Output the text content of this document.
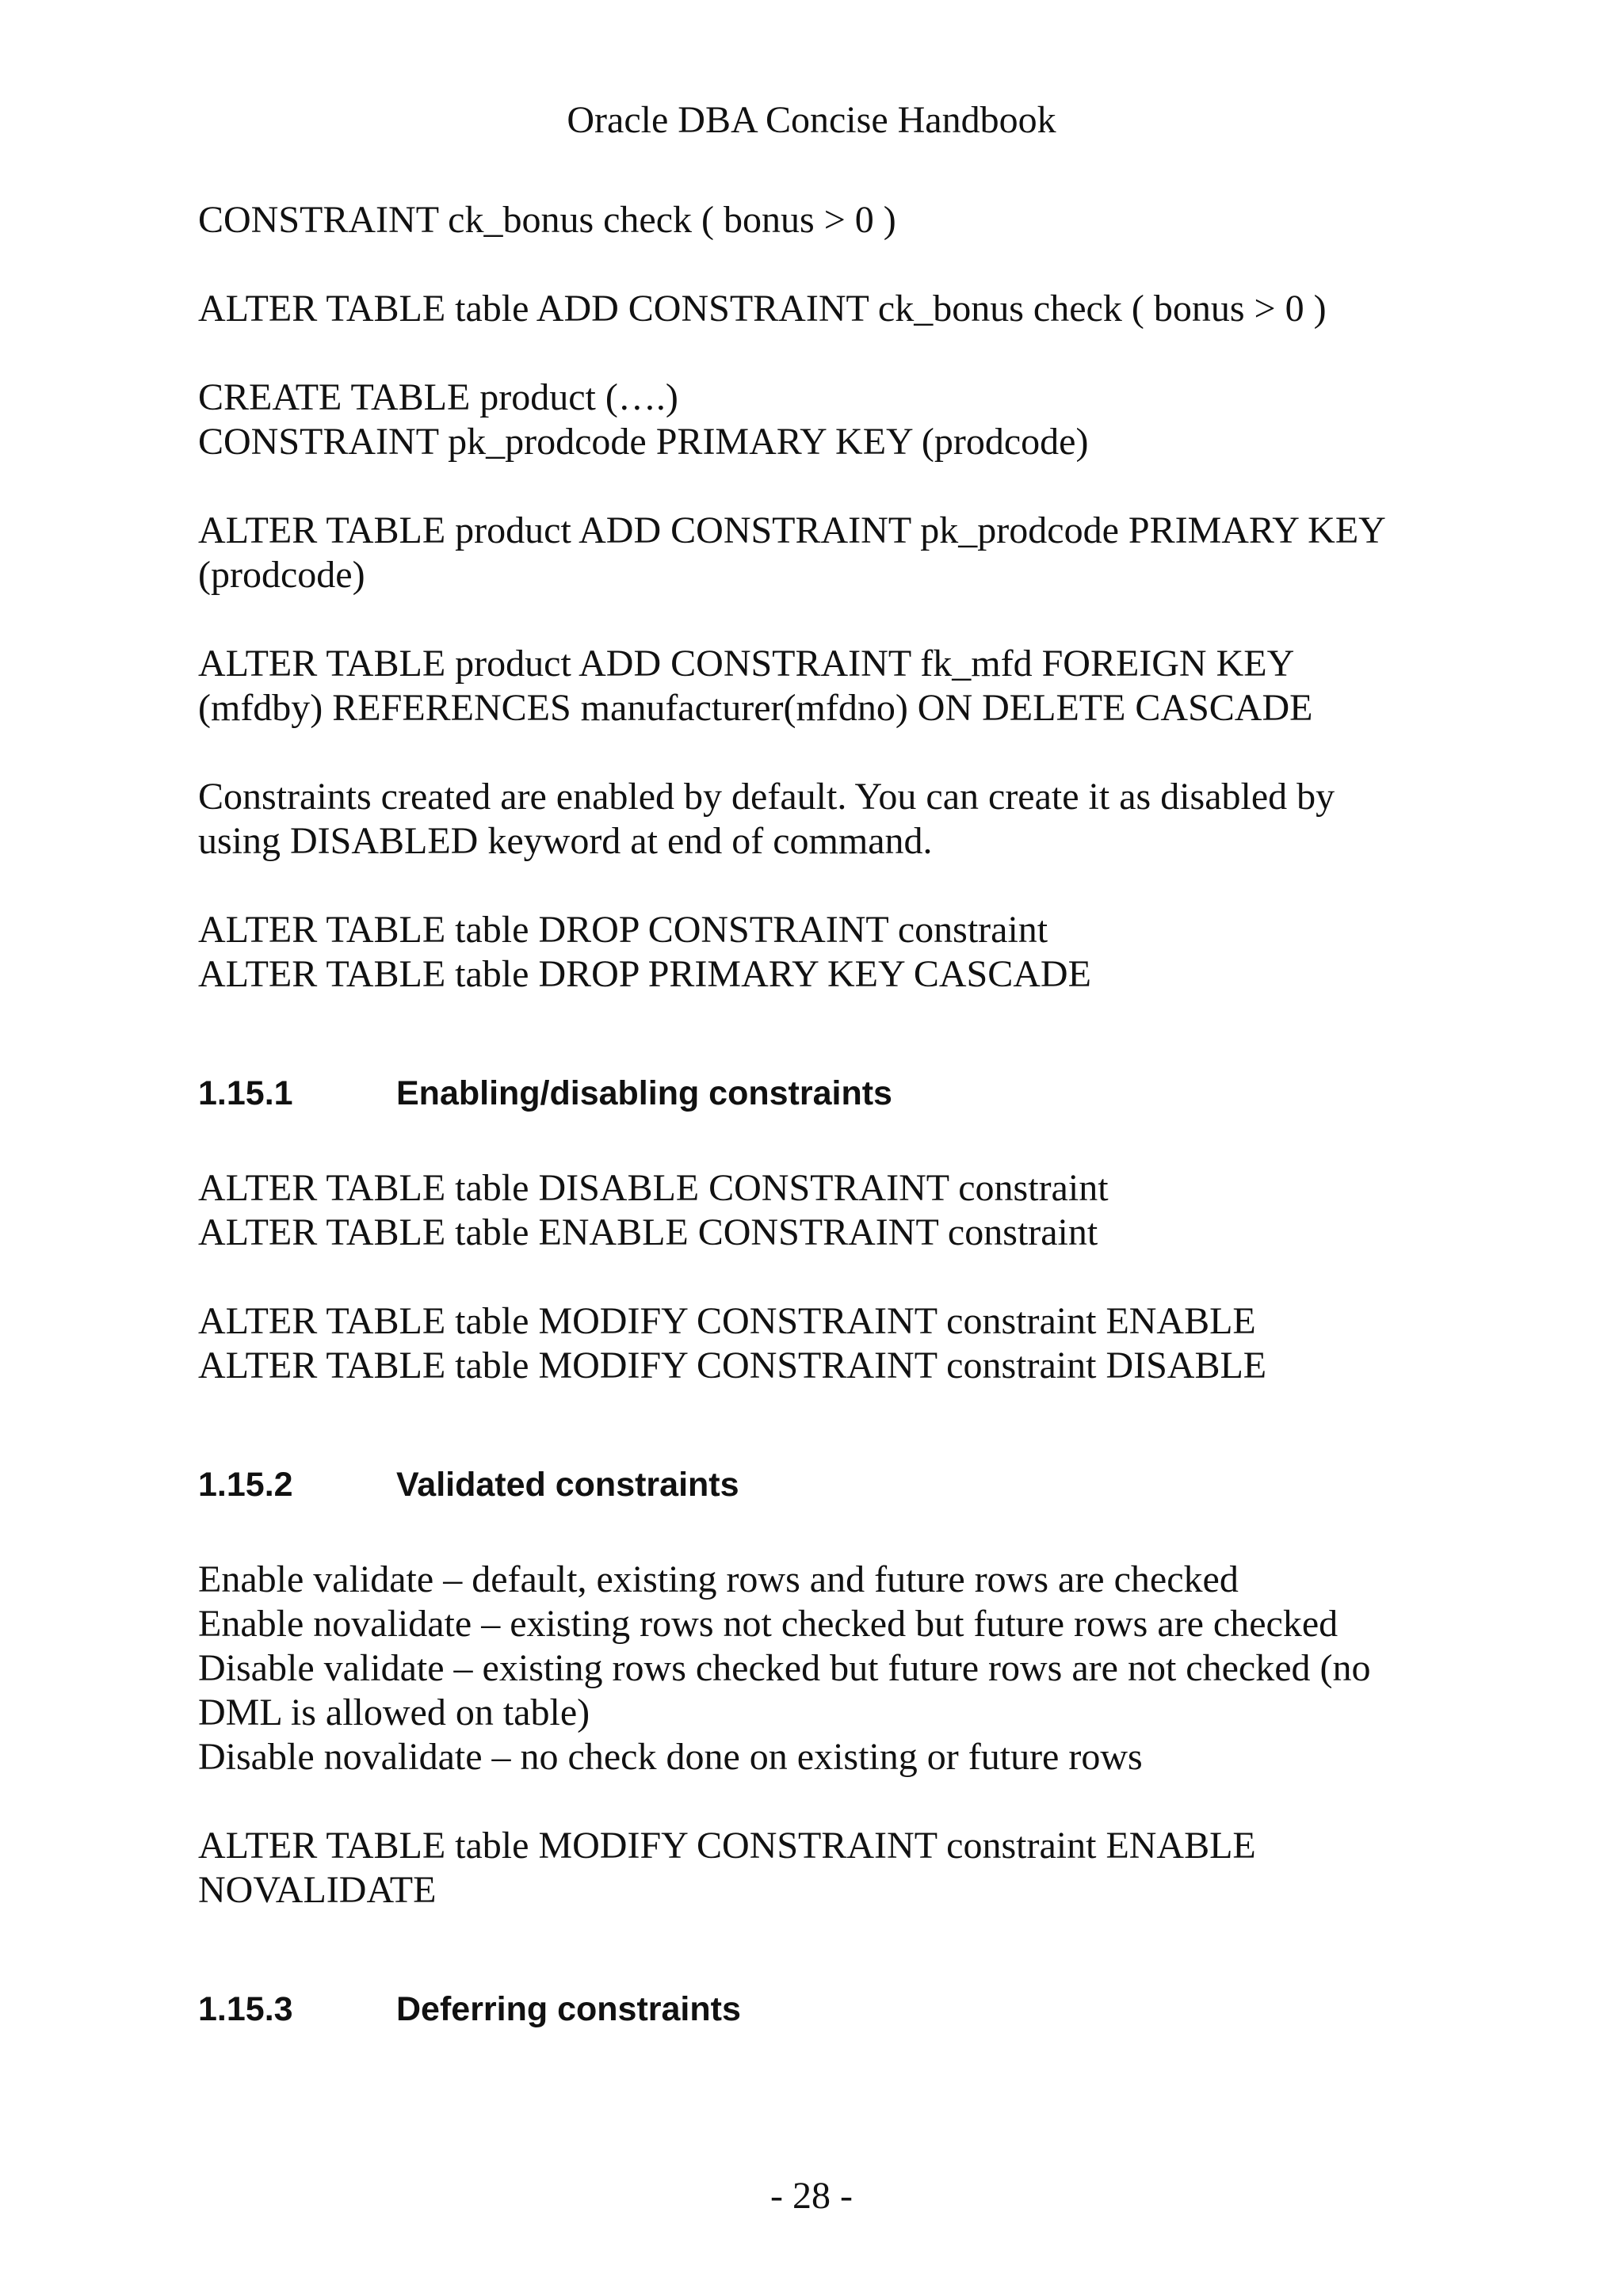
Oracle DBA Concise Handbook

CONSTRAINT ck_bonus check ( bonus > 0 )

ALTER TABLE table ADD CONSTRAINT ck_bonus check ( bonus > 0 )

CREATE TABLE product (….)

CONSTRAINT pk_prodcode PRIMARY KEY (prodcode)

ALTER TABLE product ADD CONSTRAINT pk_prodcode PRIMARY KEY

(prodcode)

ALTER TABLE product ADD CONSTRAINT fk_mfd FOREIGN KEY

(mfdby) REFERENCES manufacturer(mfdno) ON DELETE CASCADE

Constraints created are enabled by default. You can create it as disabled by

using DISABLED keyword at end of command.

ALTER TABLE table DROP CONSTRAINT constraint

ALTER TABLE table DROP PRIMARY KEY CASCADE

1.15.1	Enabling/disabling constraints

ALTER TABLE table DISABLE CONSTRAINT constraint

ALTER TABLE table ENABLE CONSTRAINT constraint

ALTER TABLE table MODIFY CONSTRAINT constraint ENABLE

ALTER TABLE table MODIFY CONSTRAINT constraint DISABLE

1.15.2	Validated constraints

Enable validate – default, existing rows and future rows are checked

Enable novalidate – existing rows not checked but future rows are checked

Disable validate – existing rows checked but future rows are not checked (no

DML is allowed on table)

Disable novalidate – no check done on existing or future rows

ALTER TABLE table MODIFY CONSTRAINT constraint ENABLE

NOVALIDATE

1.15.3	Deferring constraints

- 28 -
